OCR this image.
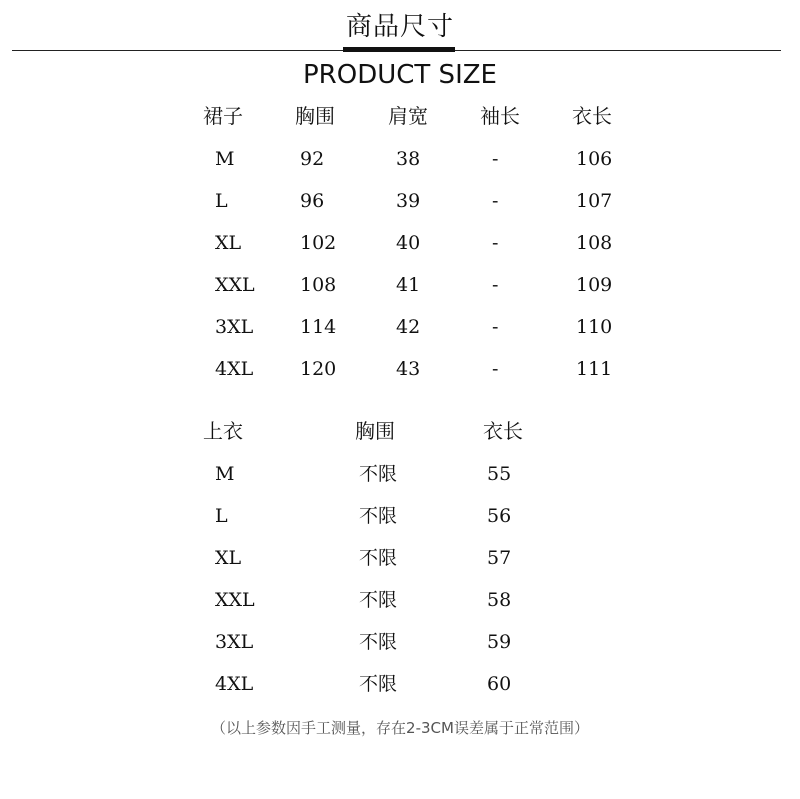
商品尺寸
PRODUCT SIZE
裙子	胸围	肩宽	袖长	衣长
M	92	38	-	106
L	96	39	-	107
XL	102	40	-	108
XXL 108	41	-	109
3XL 114	42	-	110
4XL 120	43	-	111
上衣	胸围	衣长
M	不限	55
L	不限	56
XL	不限	57
XXL	不限	58
3XL	不限	59
4XL	不限	60
（以上参数因手工测量，存在2-3CM误差属于正常范围）
